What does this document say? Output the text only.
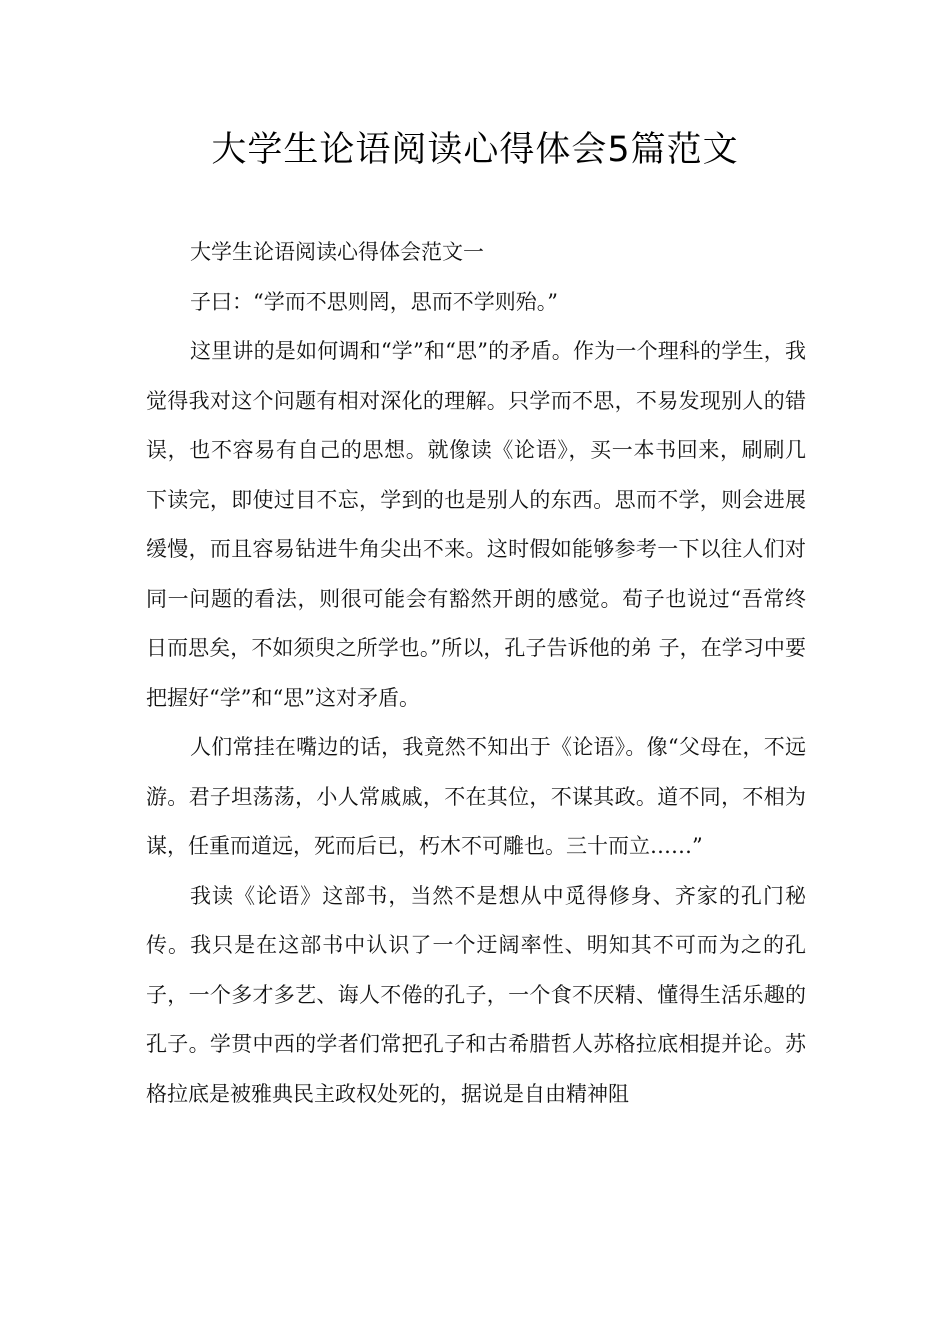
大学生论语阅读心得体会5篇范文

大学生论语阅读心得体会范文一

子曰：“学而不思则罔，思而不学则殆。”

这里讲的是如何调和“学”和“思”的矛盾。作为一个理科的学生，我觉得我对这个问题有相对深化的理解。只学而不思，不易发现别人的错误，也不容易有自己的思想。就像读《论语》，买一本书回来，刷刷几下读完，即使过目不忘，学到的也是别人的东西。思而不学，则会进展缓慢，而且容易钻进牛角尖出不来。这时假如能够参考一下以往人们对同一问题的看法，则很可能会有豁然开朗的感觉。荀子也说过“吾常终日而思矣，不如须臾之所学也。”所以，孔子告诉他的弟 子，在学习中要把握好“学”和“思”这对矛盾。

人们常挂在嘴边的话，我竟然不知出于《论语》。像“父母在，不远游。君子坦荡荡，小人常戚戚，不在其位，不谋其政。道不同，不相为谋，任重而道远，死而后已，朽木不可雕也。三十而立……”

我读《论语》这部书，当然不是想从中觅得修身、齐家的孔门秘传。我只是在这部书中认识了一个迂阔率性、明知其不可而为之的孔子，一个多才多艺、诲人不倦的孔子，一个食不厌精、懂得生活乐趣的孔子。学贯中西的学者们常把孔子和古希腊哲人苏格拉底相提并论。苏格拉底是被雅典民主政权处死的，据说是自由精神阻
